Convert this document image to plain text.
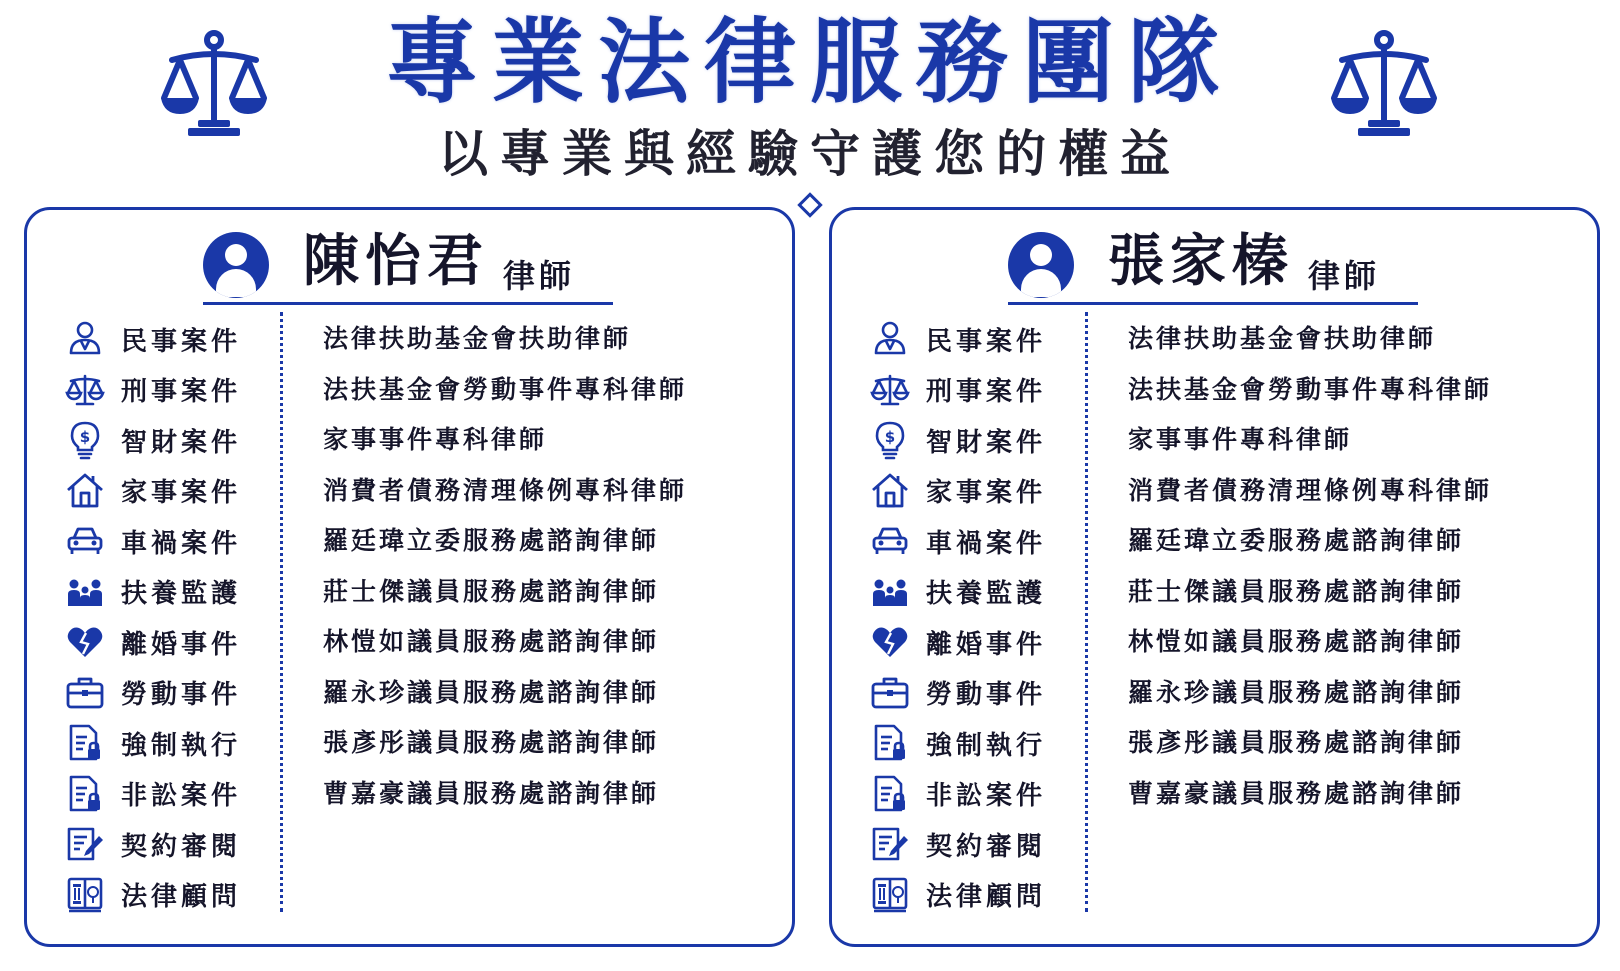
專業法律服務團隊
以專業與經驗守護您的權益
陳怡君 律師
民事案件
刑事案件
$ 智財案件
家事案件
車禍案件
扶養監護
離婚事件
勞動事件
強制執行
非訟案件
契約審閱
法律顧問
法律扶助基金會扶助律師
法扶基金會勞動事件專科律師
家事事件專科律師
消費者債務清理條例專科律師
羅廷瑋立委服務處諮詢律師
莊士傑議員服務處諮詢律師
林愷如議員服務處諮詢律師
羅永珍議員服務處諮詢律師
張彥彤議員服務處諮詢律師
曹嘉豪議員服務處諮詢律師
張家榛 律師
民事案件
刑事案件
$ 智財案件
家事案件
車禍案件
扶養監護
離婚事件
勞動事件
強制執行
非訟案件
契約審閱
法律顧問
法律扶助基金會扶助律師
法扶基金會勞動事件專科律師
家事事件專科律師
消費者債務清理條例專科律師
羅廷瑋立委服務處諮詢律師
莊士傑議員服務處諮詢律師
林愷如議員服務處諮詢律師
羅永珍議員服務處諮詢律師
張彥彤議員服務處諮詢律師
曹嘉豪議員服務處諮詢律師
